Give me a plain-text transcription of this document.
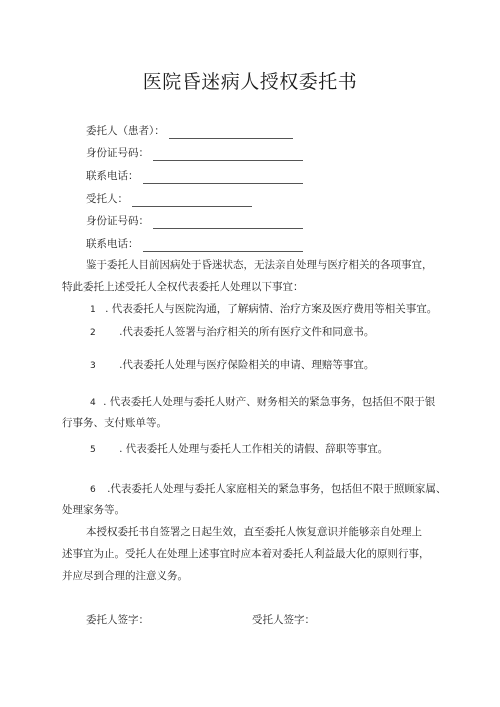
医院昏迷病人授权委托书
委托人（患者）：
身份证号码：
联系电话：
受托人：
身份证号码：
联系电话：
鉴于委托人目前因病处于昏迷状态，无法亲自处理与医疗相关的各项事宜，
特此委托上述受托人全权代表委托人处理以下事宜：
1 . 代表委托人与医院沟通，了解病情、治疗方案及医疗费用等相关事宜。
2 .代表委托人签署与治疗相关的所有医疗文件和同意书。
3 .代表委托人处理与医疗保险相关的申请、理赔等事宜。
4 . 代表委托人处理与委托人财产、财务相关的紧急事务，包括但不限于银
行事务、支付账单等。
5 . 代表委托人处理与委托人工作相关的请假、辞职等事宜。
6 .代表委托人处理与委托人家庭相关的紧急事务，包括但不限于照顾家属、
处理家务等。
本授权委托书自签署之日起生效，直至委托人恢复意识并能够亲自处理上
述事宜为止。受托人在处理上述事宜时应本着对委托人利益最大化的原则行事，
并应尽到合理的注意义务。
委托人签字：	受托人签字：
